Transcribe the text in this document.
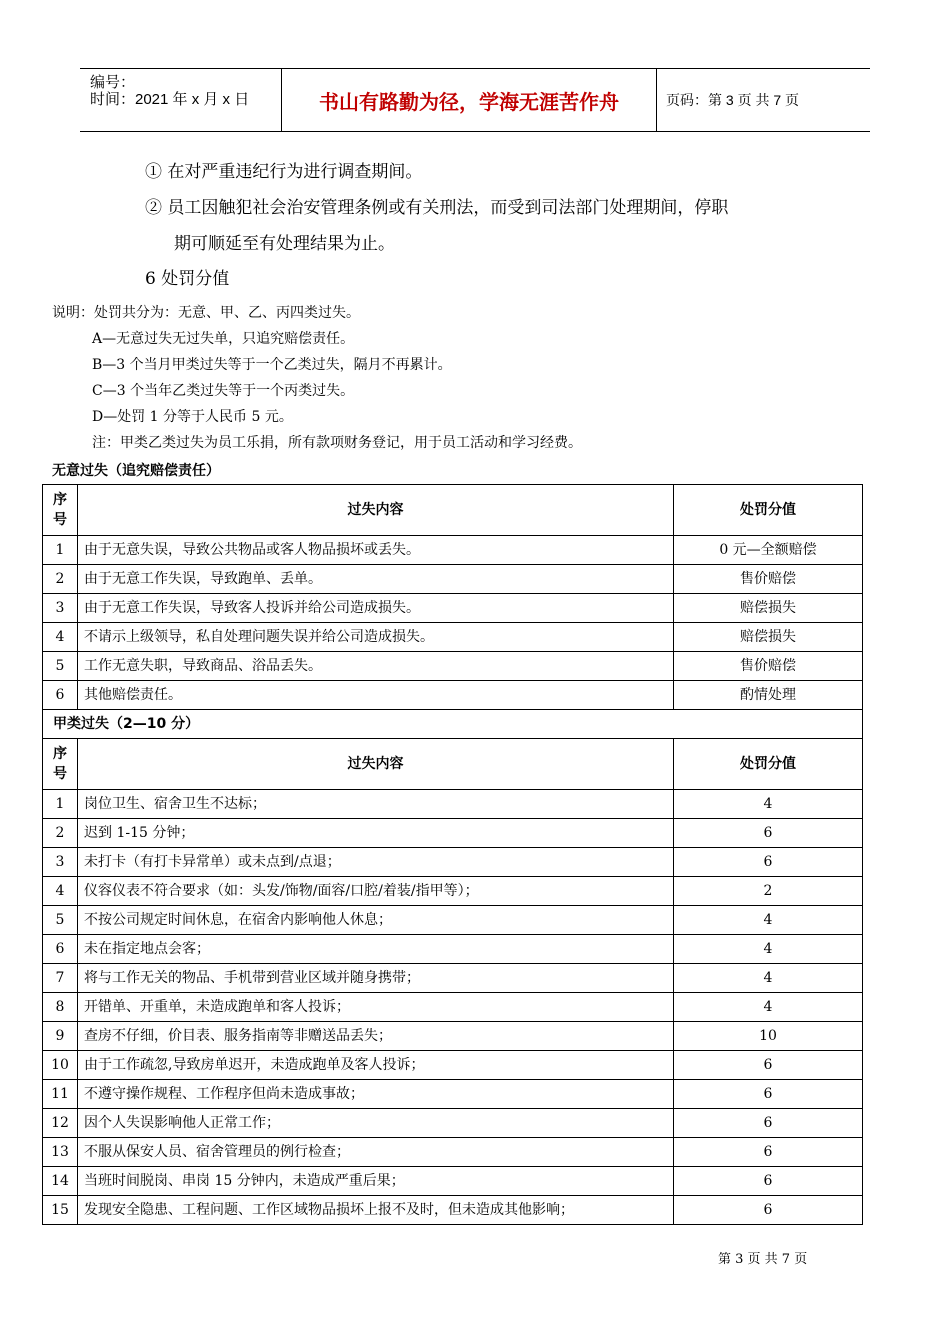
编号：
时间：2021 年 x 月 x 日	书山有路勤为径，学海无涯苦作舟	页码：第 3 页 共 7 页
① 在对严重违纪行为进行调查期间。
② 员工因触犯社会治安管理条例或有关刑法，而受到司法部门处理期间，停职
期可顺延至有处理结果为止。
6 处罚分值
说明：处罚共分为：无意、甲、乙、丙四类过失。
A—无意过失无过失单，只追究赔偿责任。
B—3 个当月甲类过失等于一个乙类过失，隔月不再累计。
C—3 个当年乙类过失等于一个丙类过失。
D—处罚 1 分等于人民币 5 元。
注：甲类乙类过失为员工乐捐，所有款项财务登记，用于员工活动和学习经费。
无意过失（追究赔偿责任）
序
号	过失内容	处罚分值
1	由于无意失误，导致公共物品或客人物品损坏或丢失。	0 元—全额赔偿
2	由于无意工作失误，导致跑单、丢单。	售价赔偿
3	由于无意工作失误，导致客人投诉并给公司造成损失。	赔偿损失
4	不请示上级领导，私自处理问题失误并给公司造成损失。	赔偿损失
5	工作无意失职，导致商品、浴品丢失。	售价赔偿
6	其他赔偿责任。	酌情处理
甲类过失（2—10 分）		
序
号	过失内容	处罚分值
1	岗位卫生、宿舍卫生不达标；	4
2	迟到 1-15 分钟；	6
3	未打卡（有打卡异常单）或未点到/点退；	6
4	仪容仪表不符合要求（如：头发/饰物/面容/口腔/着装/指甲等）；	2
5	不按公司规定时间休息，在宿舍内影响他人休息；	4
6	未在指定地点会客；	4
7	将与工作无关的物品、手机带到营业区域并随身携带；	4
8	开错单、开重单，未造成跑单和客人投诉；	4
9	查房不仔细，价目表、服务指南等非赠送品丢失；	10
10	由于工作疏忽,导致房单迟开，未造成跑单及客人投诉；	6
11	不遵守操作规程、工作程序但尚未造成事故；	6
12	因个人失误影响他人正常工作；	6
13	不服从保安人员、宿舍管理员的例行检查；	6
14	当班时间脱岗、串岗 15 分钟内，未造成严重后果；	6
15	发现安全隐患、工程问题、工作区域物品损坏上报不及时，但未造成其他影响；	6
第 3 页 共 7 页
